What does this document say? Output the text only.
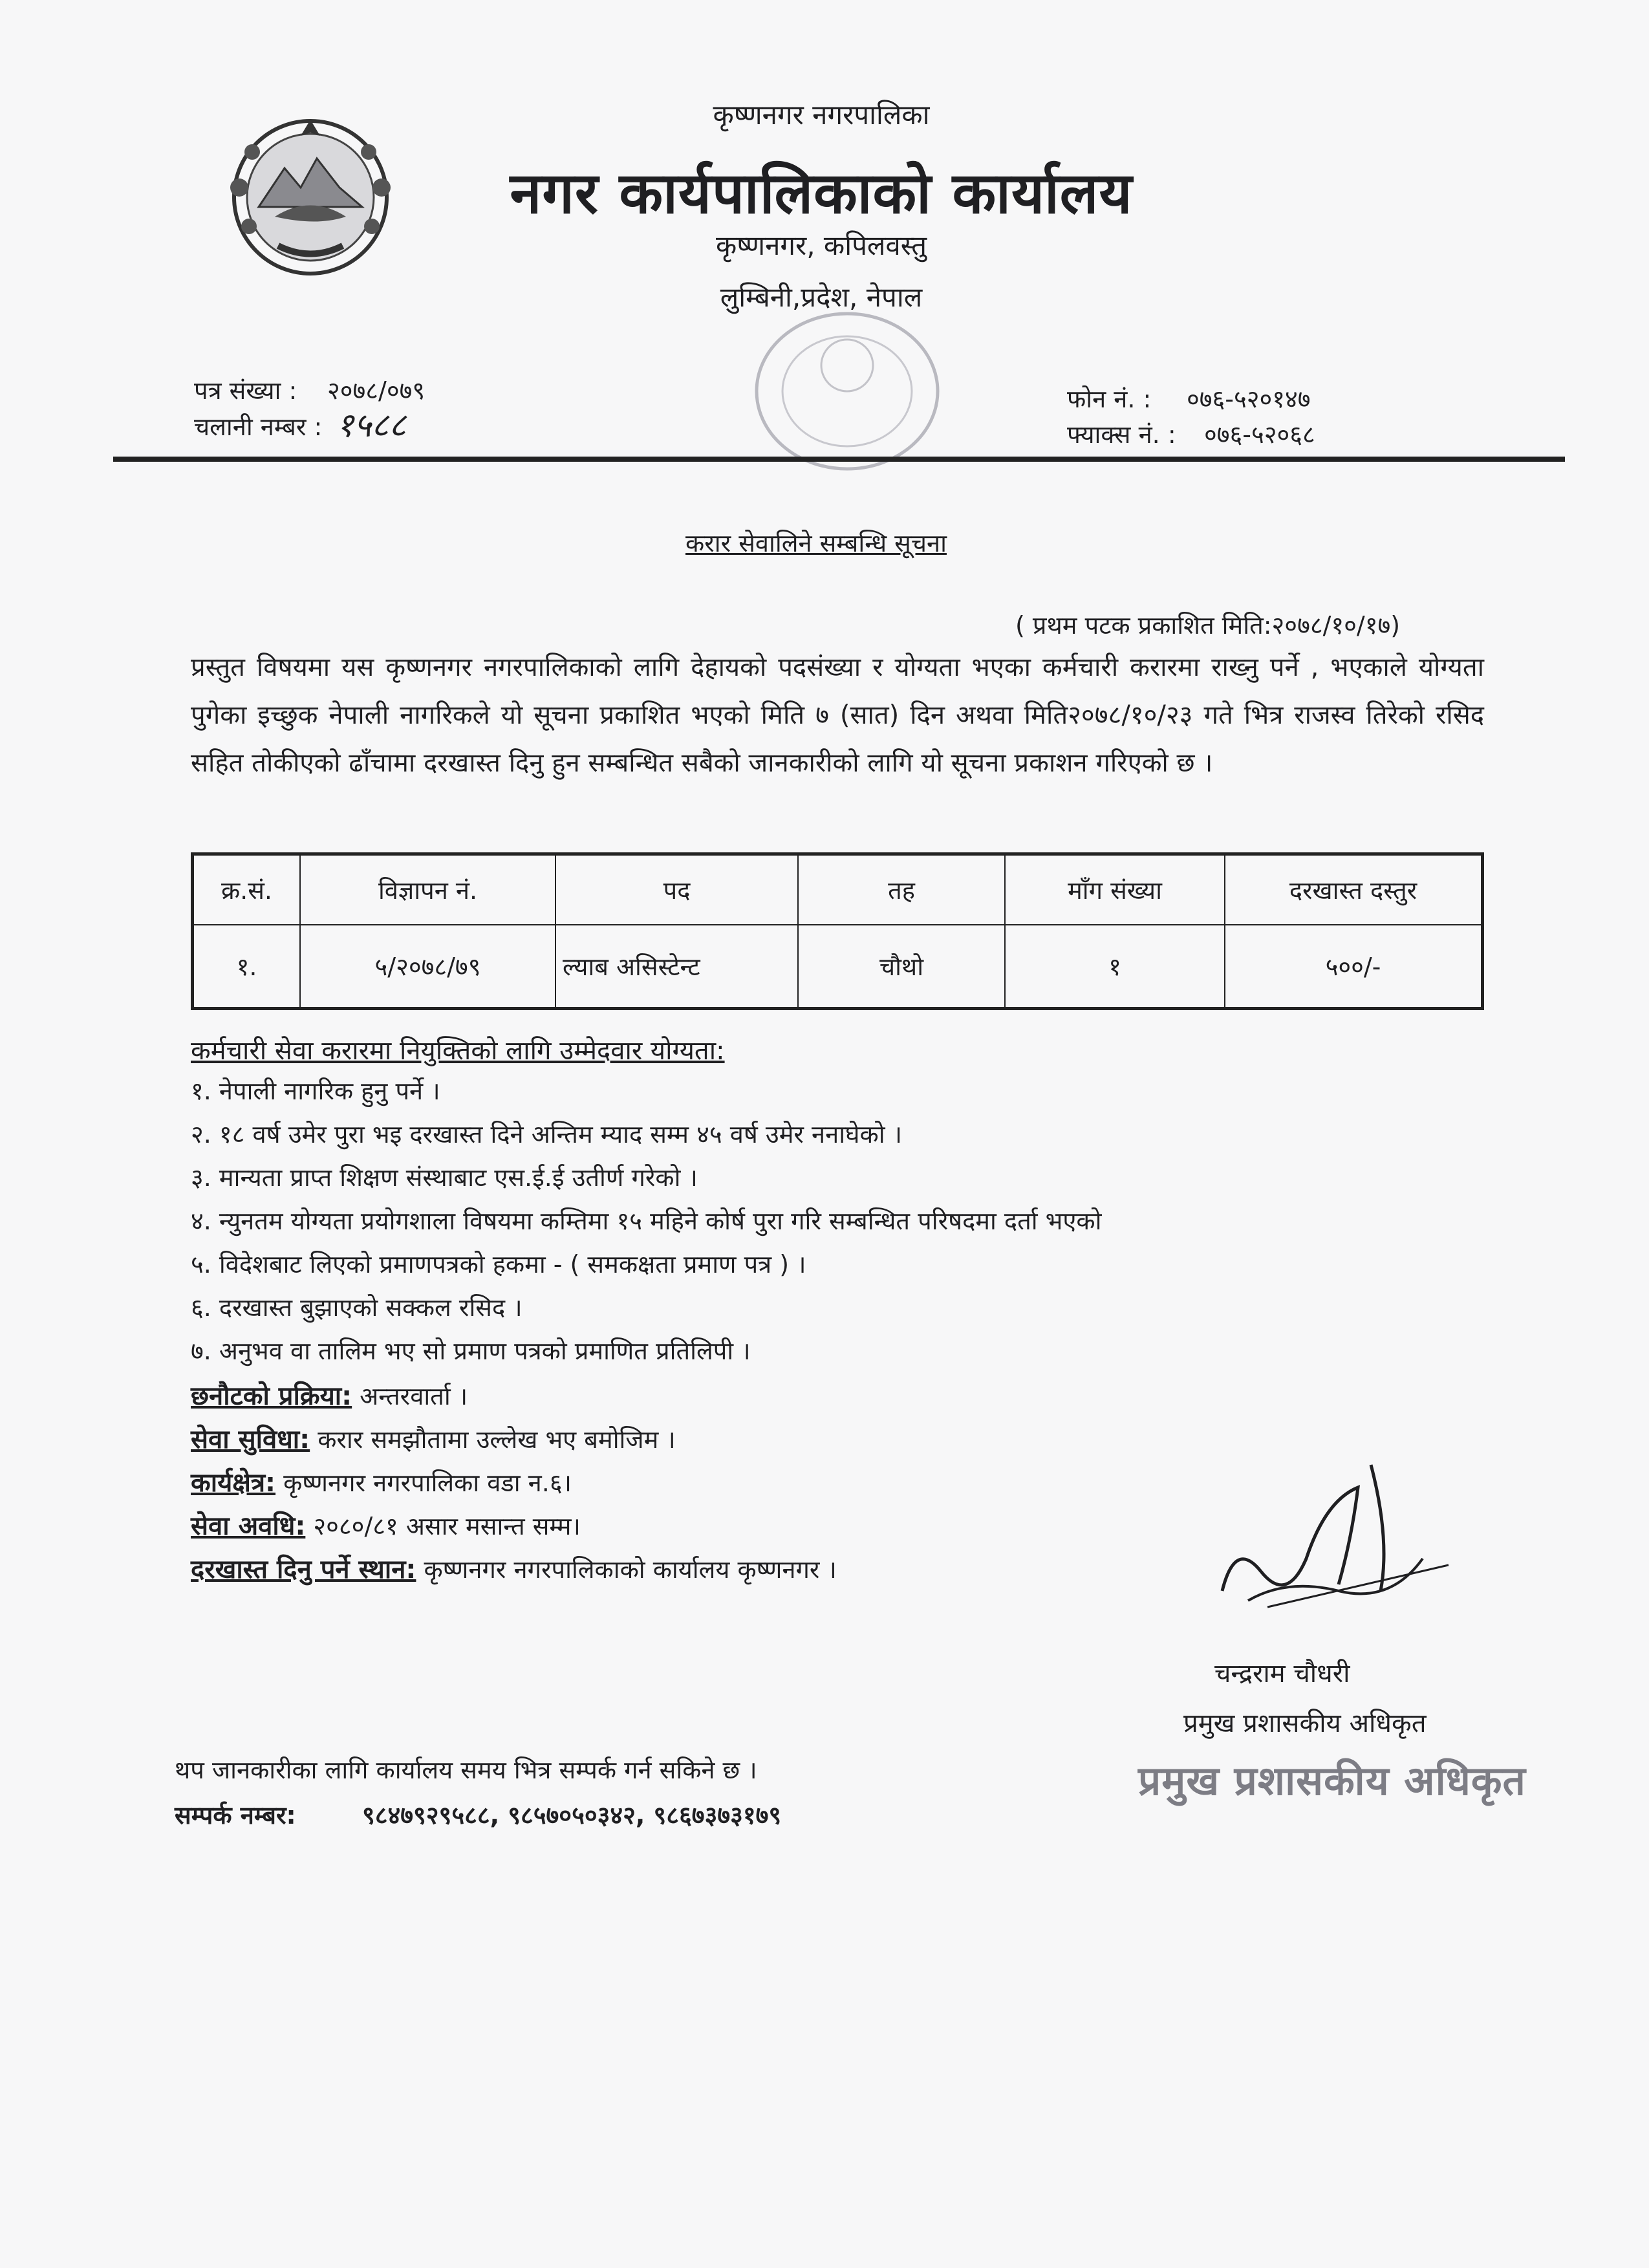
कृष्णनगर नगरपालिका
नगर कार्यपालिकाको कार्यालय
कृष्णनगर, कपिलवस्तु
लुम्बिनी,प्रदेश, नेपाल
पत्र संख्या : २०७८/०७९
चलानी नम्बर : १५८८
फोन नं. : ०७६-५२०१४७
फ्याक्स नं. : ०७६-५२०६८
करार सेवालिने सम्बन्धि सूचना
( प्रथम पटक प्रकाशित मिति:२०७८/१०/१७)
प्रस्तुत विषयमा यस कृष्णनगर नगरपालिकाको लागि देहायको पदसंख्या र योग्यता भएका कर्मचारी करारमा राख्नु पर्ने , भएकाले योग्यता पुगेका इच्छुक नेपाली नागरिकले यो सूचना प्रकाशित भएको मिति ७ (सात) दिन अथवा मिति२०७८/१०/२३ गते भित्र राजस्व तिरेको रसिद सहित तोकीएको ढाँचामा दरखास्त दिनु हुन सम्बन्धित सबैको जानकारीको लागि यो सूचना प्रकाशन गरिएको छ ।
क्र.सं.	विज्ञापन नं.	पद	तह	माँग संख्या	दरखास्त दस्तुर
१.	५/२०७८/७९	ल्याब असिस्टेन्ट	चौथो	१	५००/-
कर्मचारी सेवा करारमा नियुक्तिको लागि उम्मेदवार योग्यता:
१. नेपाली नागरिक हुनु पर्ने ।
२. १८ वर्ष उमेर पुरा भइ दरखास्त दिने अन्तिम म्याद सम्म ४५ वर्ष उमेर ननाघेको ।
३. मान्यता प्राप्त शिक्षण संस्थाबाट एस.ई.ई उतीर्ण गरेको ।
४. न्युनतम योग्यता प्रयोगशाला विषयमा कम्तिमा १५ महिने कोर्ष पुरा गरि सम्बन्धित परिषदमा दर्ता भएको
५. विदेशबाट लिएको प्रमाणपत्रको हकमा - ( समकक्षता प्रमाण पत्र ) ।
६. दरखास्त बुझाएको सक्कल रसिद ।
७. अनुभव वा तालिम भए सो प्रमाण पत्रको प्रमाणित प्रतिलिपी ।
छनौटको प्रक्रिया: अन्तरवार्ता ।
सेवा सुविधा: करार समझौतामा उल्लेख भए बमोजिम ।
कार्यक्षेत्र: कृष्णनगर नगरपालिका वडा न.६।
सेवा अवधि: २०८०/८१ असार मसान्त सम्म।
दरखास्त दिनु पर्ने स्थान: कृष्णनगर नगरपालिकाको कार्यालय कृष्णनगर ।
चन्द्रराम चौधरी
प्रमुख प्रशासकीय अधिकृत
प्रमुख प्रशासकीय अधिकृत
थप जानकारीका लागि कार्यालय समय भित्र सम्पर्क गर्न सकिने छ ।
सम्पर्क नम्बर:	९८४७९२९५८८, ९८५७०५०३४२, ९८६७३७३१७९
